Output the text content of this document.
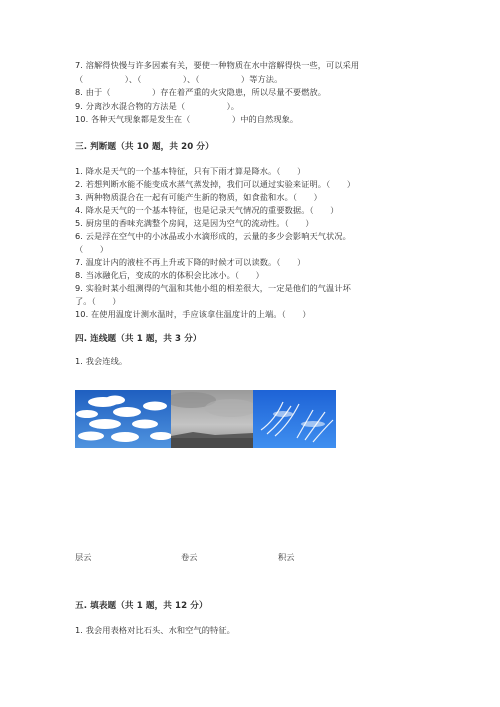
7. 溶解得快慢与许多因素有关，要使一种物质在水中溶解得快一些，可以采用
（　　　　　）、（　　　　　）、（　　　　　）等方法。
8. 由于（　　　　　）存在着严重的火灾隐患，所以尽量不要燃放。
9. 分离沙水混合物的方法是（　　　　　）。
10. 各种天气现象都是发生在（　　　　　）中的自然现象。
三. 判断题（共 10 题，共 20 分）
1. 降水是天气的一个基本特征，只有下雨才算是降水。（　　）
2. 若想判断水能不能变成水蒸气蒸发掉，我们可以通过实验来证明。（　　）
3. 两种物质混合在一起有可能产生新的物质，如食盐和水。（　　）
4. 降水是天气的一个基本特征，也是记录天气情况的重要数据。（　　）
5. 厨房里的香味充满整个房间，这是因为空气的流动性。（　　）
6. 云是浮在空气中的小冰晶或小水滴形成的，云量的多少会影响天气状况。
（　　）
7. 温度计内的液柱不再上升或下降的时候才可以读数。（　　）
8. 当冰融化后，变成的水的体积会比冰小。（　　）
9. 实验时某小组测得的气温和其他小组的相差很大，一定是他们的气温计坏
了。（　　）
10. 在使用温度计测水温时，手应该拿住温度计的上端。（　　）
四. 连线题（共 1 题，共 3 分）
1. 我会连线。
层云	卷云	积云
五. 填表题（共 1 题，共 12 分）
1. 我会用表格对比石头、水和空气的特征。
